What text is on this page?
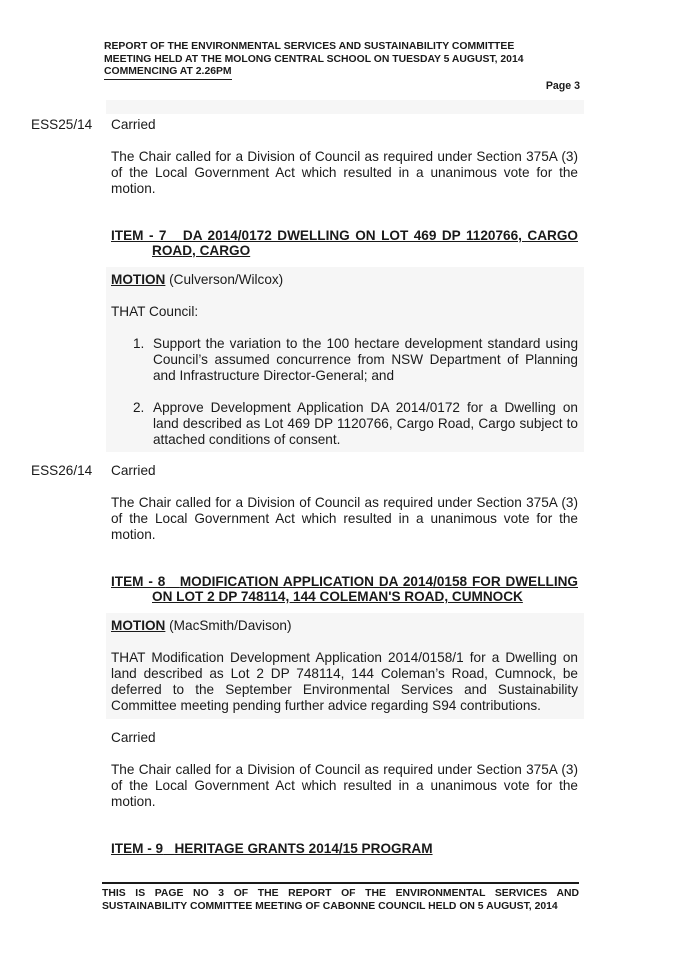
REPORT OF THE ENVIRONMENTAL SERVICES AND SUSTAINABILITY COMMITTEE
MEETING HELD AT THE MOLONG CENTRAL SCHOOL ON TUESDAY 5 AUGUST, 2014
COMMENCING AT 2.26PM
Page 3
ESS25/14 Carried
The Chair called for a Division of Council as required under Section 375A (3) of the Local Government Act which resulted in a unanimous vote for the motion.
ITEM - 7 DA 2014/0172 DWELLING ON LOT 469 DP 1120766, CARGO
ROAD, CARGO
MOTION (Culverson/Wilcox)
THAT Council:
1. Support the variation to the 100 hectare development standard using Council’s assumed concurrence from NSW Department of Planning and Infrastructure Director-General; and
2. Approve Development Application DA 2014/0172 for a Dwelling on land described as Lot 469 DP 1120766, Cargo Road, Cargo subject to attached conditions of consent.
ESS26/14 Carried
The Chair called for a Division of Council as required under Section 375A (3) of the Local Government Act which resulted in a unanimous vote for the motion.
ITEM - 8 MODIFICATION APPLICATION DA 2014/0158 FOR DWELLING
ON LOT 2 DP 748114, 144 COLEMAN'S ROAD, CUMNOCK
MOTION (MacSmith/Davison)
THAT Modification Development Application 2014/0158/1 for a Dwelling on land described as Lot 2 DP 748114, 144 Coleman’s Road, Cumnock, be deferred to the September Environmental Services and Sustainability Committee meeting pending further advice regarding S94 contributions.
Carried
The Chair called for a Division of Council as required under Section 375A (3) of the Local Government Act which resulted in a unanimous vote for the motion.
ITEM - 9 HERITAGE GRANTS 2014/15 PROGRAM
THIS IS PAGE NO 3 OF THE REPORT OF THE ENVIRONMENTAL SERVICES AND SUSTAINABILITY COMMITTEE MEETING OF CABONNE COUNCIL HELD ON 5 AUGUST, 2014
